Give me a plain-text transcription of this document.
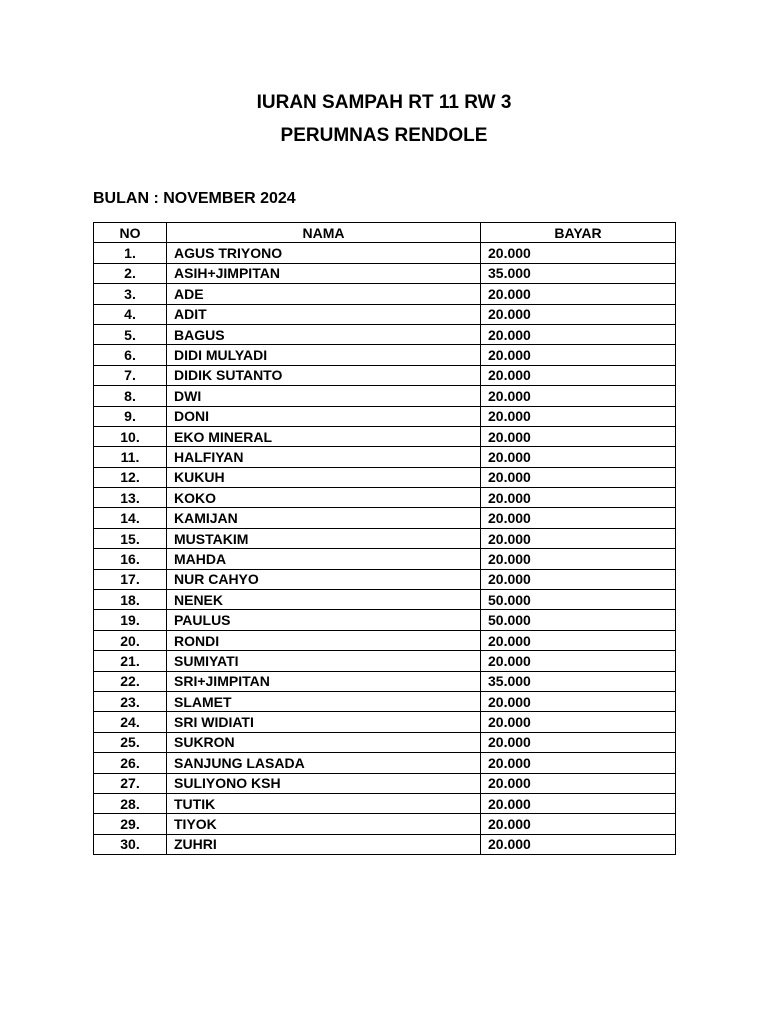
IURAN SAMPAH RT 11 RW 3
PERUMNAS RENDOLE

BULAN : NOVEMBER 2024

NO	NAMA	BAYAR
1.	AGUS TRIYONO	20.000
2.	ASIH+JIMPITAN	35.000
3.	ADE	20.000
4.	ADIT	20.000
5.	BAGUS	20.000
6.	DIDI MULYADI	20.000
7.	DIDIK SUTANTO	20.000
8.	DWI	20.000
9.	DONI	20.000
10.	EKO MINERAL	20.000
11.	HALFIYAN	20.000
12.	KUKUH	20.000
13.	KOKO	20.000
14.	KAMIJAN	20.000
15.	MUSTAKIM	20.000
16.	MAHDA	20.000
17.	NUR CAHYO	20.000
18.	NENEK	50.000
19.	PAULUS	50.000
20.	RONDI	20.000
21.	SUMIYATI	20.000
22.	SRI+JIMPITAN	35.000
23.	SLAMET	20.000
24.	SRI WIDIATI	20.000
25.	SUKRON	20.000
26.	SANJUNG LASADA	20.000
27.	SULIYONO KSH	20.000
28.	TUTIK	20.000
29.	TIYOK	20.000
30.	ZUHRI	20.000
